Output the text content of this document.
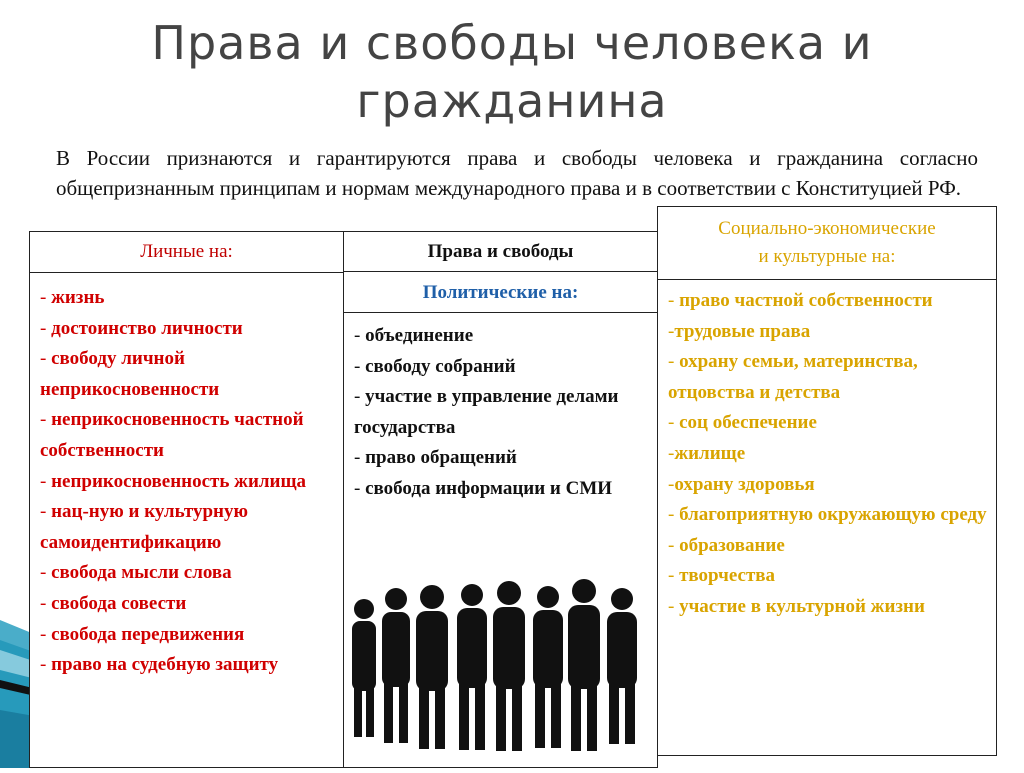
Права и свободы человека и
гражданина
В России признаются и гарантируются права и свободы человека и гражданина согласно общепризнанным принципам и нормам международного права и в соответствии с Конституцией РФ.
Личные на:
- жизнь
- достоинство личности
- свободу личной неприкосновенности
- неприкосновенность частной собственности
- неприкосновенность жилища
- нац-ную и культурную самоидентификацию
- свобода мысли слова
- свобода совести
- свобода передвижения
- право на судебную защиту
Права и свободы
Политические на:
- объединение
- свободу собраний
- участие в управление делами государства
- право обращений
- свобода информации и СМИ
Социально-экономические
и культурные на:
- право частной собственности
-трудовые права
- охрану семьи, материнства, отцовства и детства
- соц обеспечение
-жилище
-охрану здоровья
- благоприятную окружающую среду
- образование
- творчества
- участие в культурной жизни
